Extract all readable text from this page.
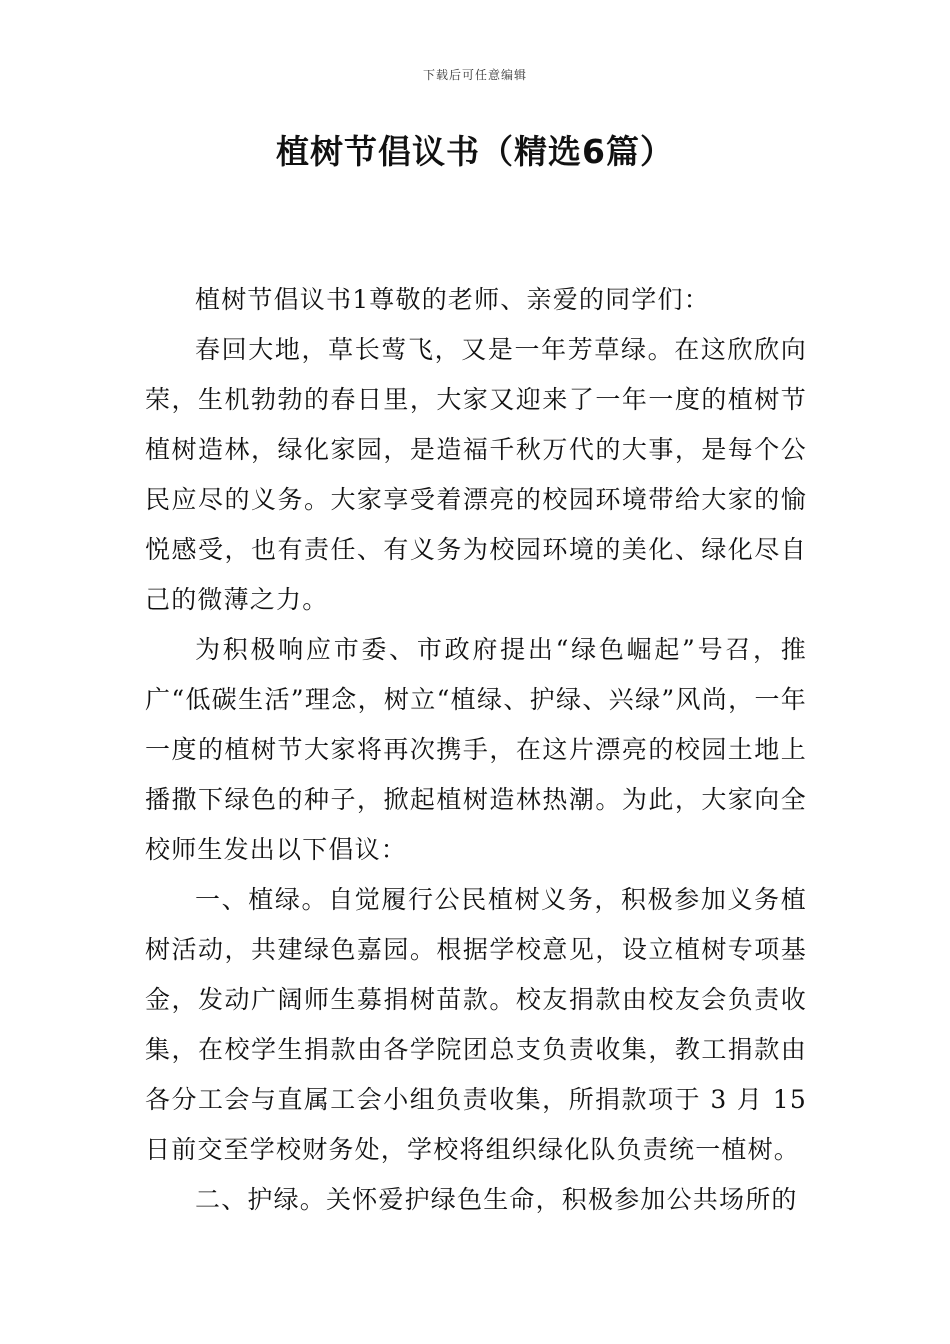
下载后可任意编辑
植树节倡议书（精选6篇）

植树节倡议书1尊敬的老师、亲爱的同学们：

春回大地，草长莺飞，又是一年芳草绿。在这欣欣向荣，生机勃勃的春日里，大家又迎来了一年一度的植树节植树造林，绿化家园，是造福千秋万代的大事，是每个公民应尽的义务。大家享受着漂亮的校园环境带给大家的愉悦感受，也有责任、有义务为校园环境的美化、绿化尽自己的微薄之力。

为积极响应市委、市政府提出“绿色崛起”号召，推广“低碳生活”理念，树立“植绿、护绿、兴绿”风尚，一年一度的植树节大家将再次携手，在这片漂亮的校园土地上播撒下绿色的种子，掀起植树造林热潮。为此，大家向全校师生发出以下倡议：

一、植绿。自觉履行公民植树义务，积极参加义务植树活动，共建绿色嘉园。根据学校意见，设立植树专项基金，发动广阔师生募捐树苗款。校友捐款由校友会负责收集，在校学生捐款由各学院团总支负责收集，教工捐款由各分工会与直属工会小组负责收集，所捐款项于 3 月 15 日前交至学校财务处，学校将组织绿化队负责统一植树。

二、护绿。关怀爱护绿色生命，积极参加公共场所的
